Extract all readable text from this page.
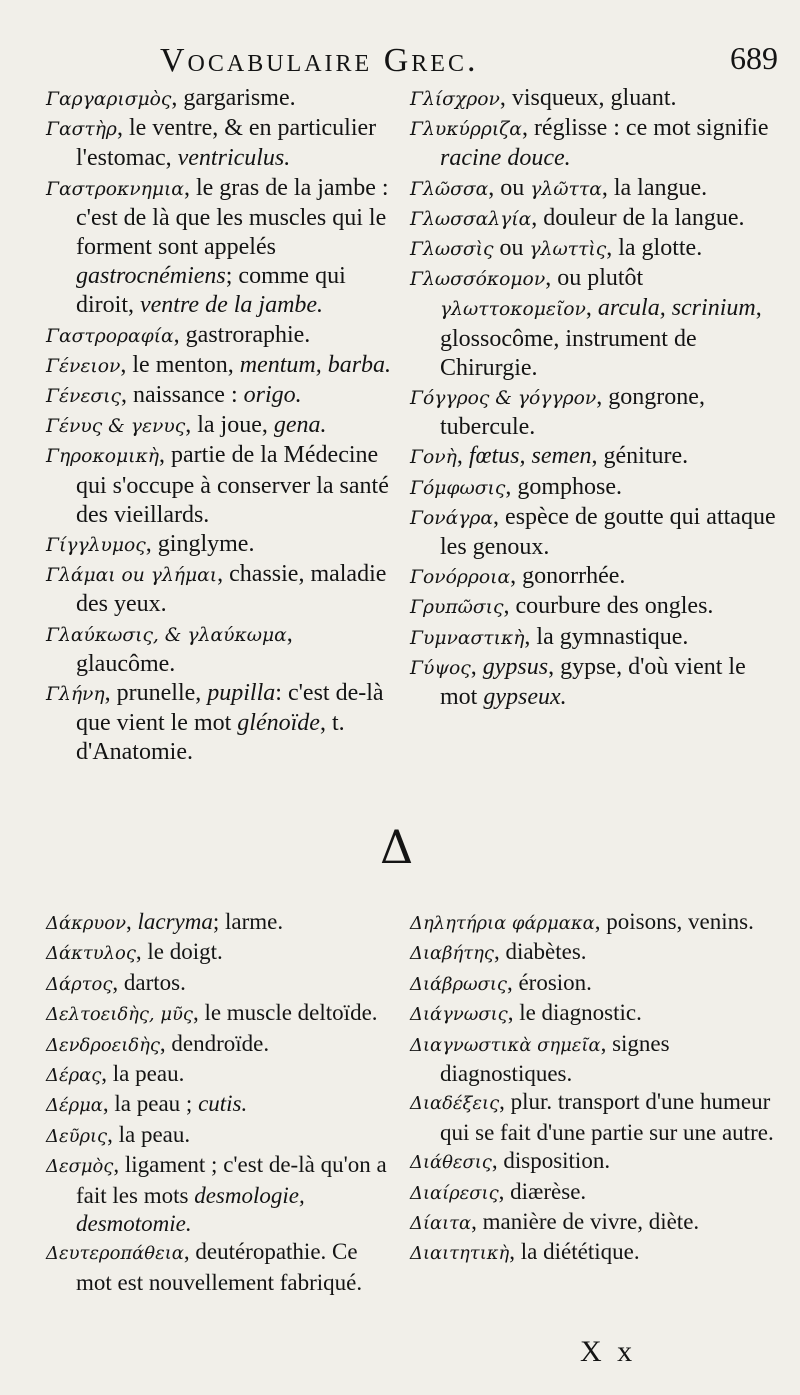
Vocabulaire Grec.	689

Γαργαρισμὸς, gargarisme.

Γαστὴρ, le ventre, & en particulier l'estomac, ventriculus.

Γαστροκνημια, le gras de la jambe : c'est de là que les muscles qui le forment sont appelés gastrocnémiens; comme qui diroit, ventre de la jambe.

Γαστροραφία, gastroraphie.

Γένειον, le menton, mentum, barba.

Γένεσις, naissance : origo.

Γένυς & γενυς, la joue, gena.

Γηροκομικὴ, partie de la Médecine qui s'occupe à conserver la santé des vieillards.

Γίγγλυμος, ginglyme.

Γλάμαι ou γλήμαι, chassie, maladie des yeux.

Γλαύκωσις, & γλαύκωμα, glaucôme.

Γλήνη, prunelle, pupilla: c'est de-là que vient le mot glénoïde, t. d'Anatomie.

Γλίσχρον, visqueux, gluant.

Γλυκύρριζα, réglisse : ce mot signifie racine douce.

Γλῶσσα, ou γλῶττα, la langue.

Γλωσσαλγία, douleur de la langue.

Γλωσσὶς ou γλωττὶς, la glotte.

Γλωσσόκομον, ou plutôt γλωττοκομεῖον, arcula, scrinium, glossocôme, instrument de Chirurgie.

Γόγγρος & γόγγρον, gongrone, tubercule.

Γονὴ, fœtus, semen, géniture.

Γόμφωσις, gomphose.

Γονάγρα, espèce de goutte qui attaque les genoux.

Γονόρροια, gonorrhée.

Γρυπῶσις, courbure des ongles.

Γυμναστικὴ, la gymnastique.

Γύψος, gypsus, gypse, d'où vient le mot gypseux.

Δ

Δάκρυον, lacryma; larme.

Δάκτυλος, le doigt.

Δάρτος, dartos.

Δελτοειδὴς, μῦς, le muscle deltoïde.

Δενδροειδὴς, dendroïde.

Δέρας, la peau.

Δέρμα, la peau ; cutis.

Δεῦρις, la peau.

Δεσμὸς, ligament ; c'est de-là qu'on a fait les mots desmologie, desmotomie.

Δευτεροπάθεια, deutéropathie. Ce mot est nouvellement fabriqué.

Δηλητήρια φάρμακα, poisons, venins.

Διαβήτης, diabètes.

Διάβρωσις, érosion.

Διάγνωσις, le diagnostic.

Διαγνωστικὰ σημεῖα, signes diagnostiques.

Διαδέξεις, plur. transport d'une humeur qui se fait d'une partie sur une autre.

Διάθεσις, disposition.

Διαίρεσις, diærèse.

Δίαιτα, manière de vivre, diète.

Διαιτητικὴ, la diététique.

X x
